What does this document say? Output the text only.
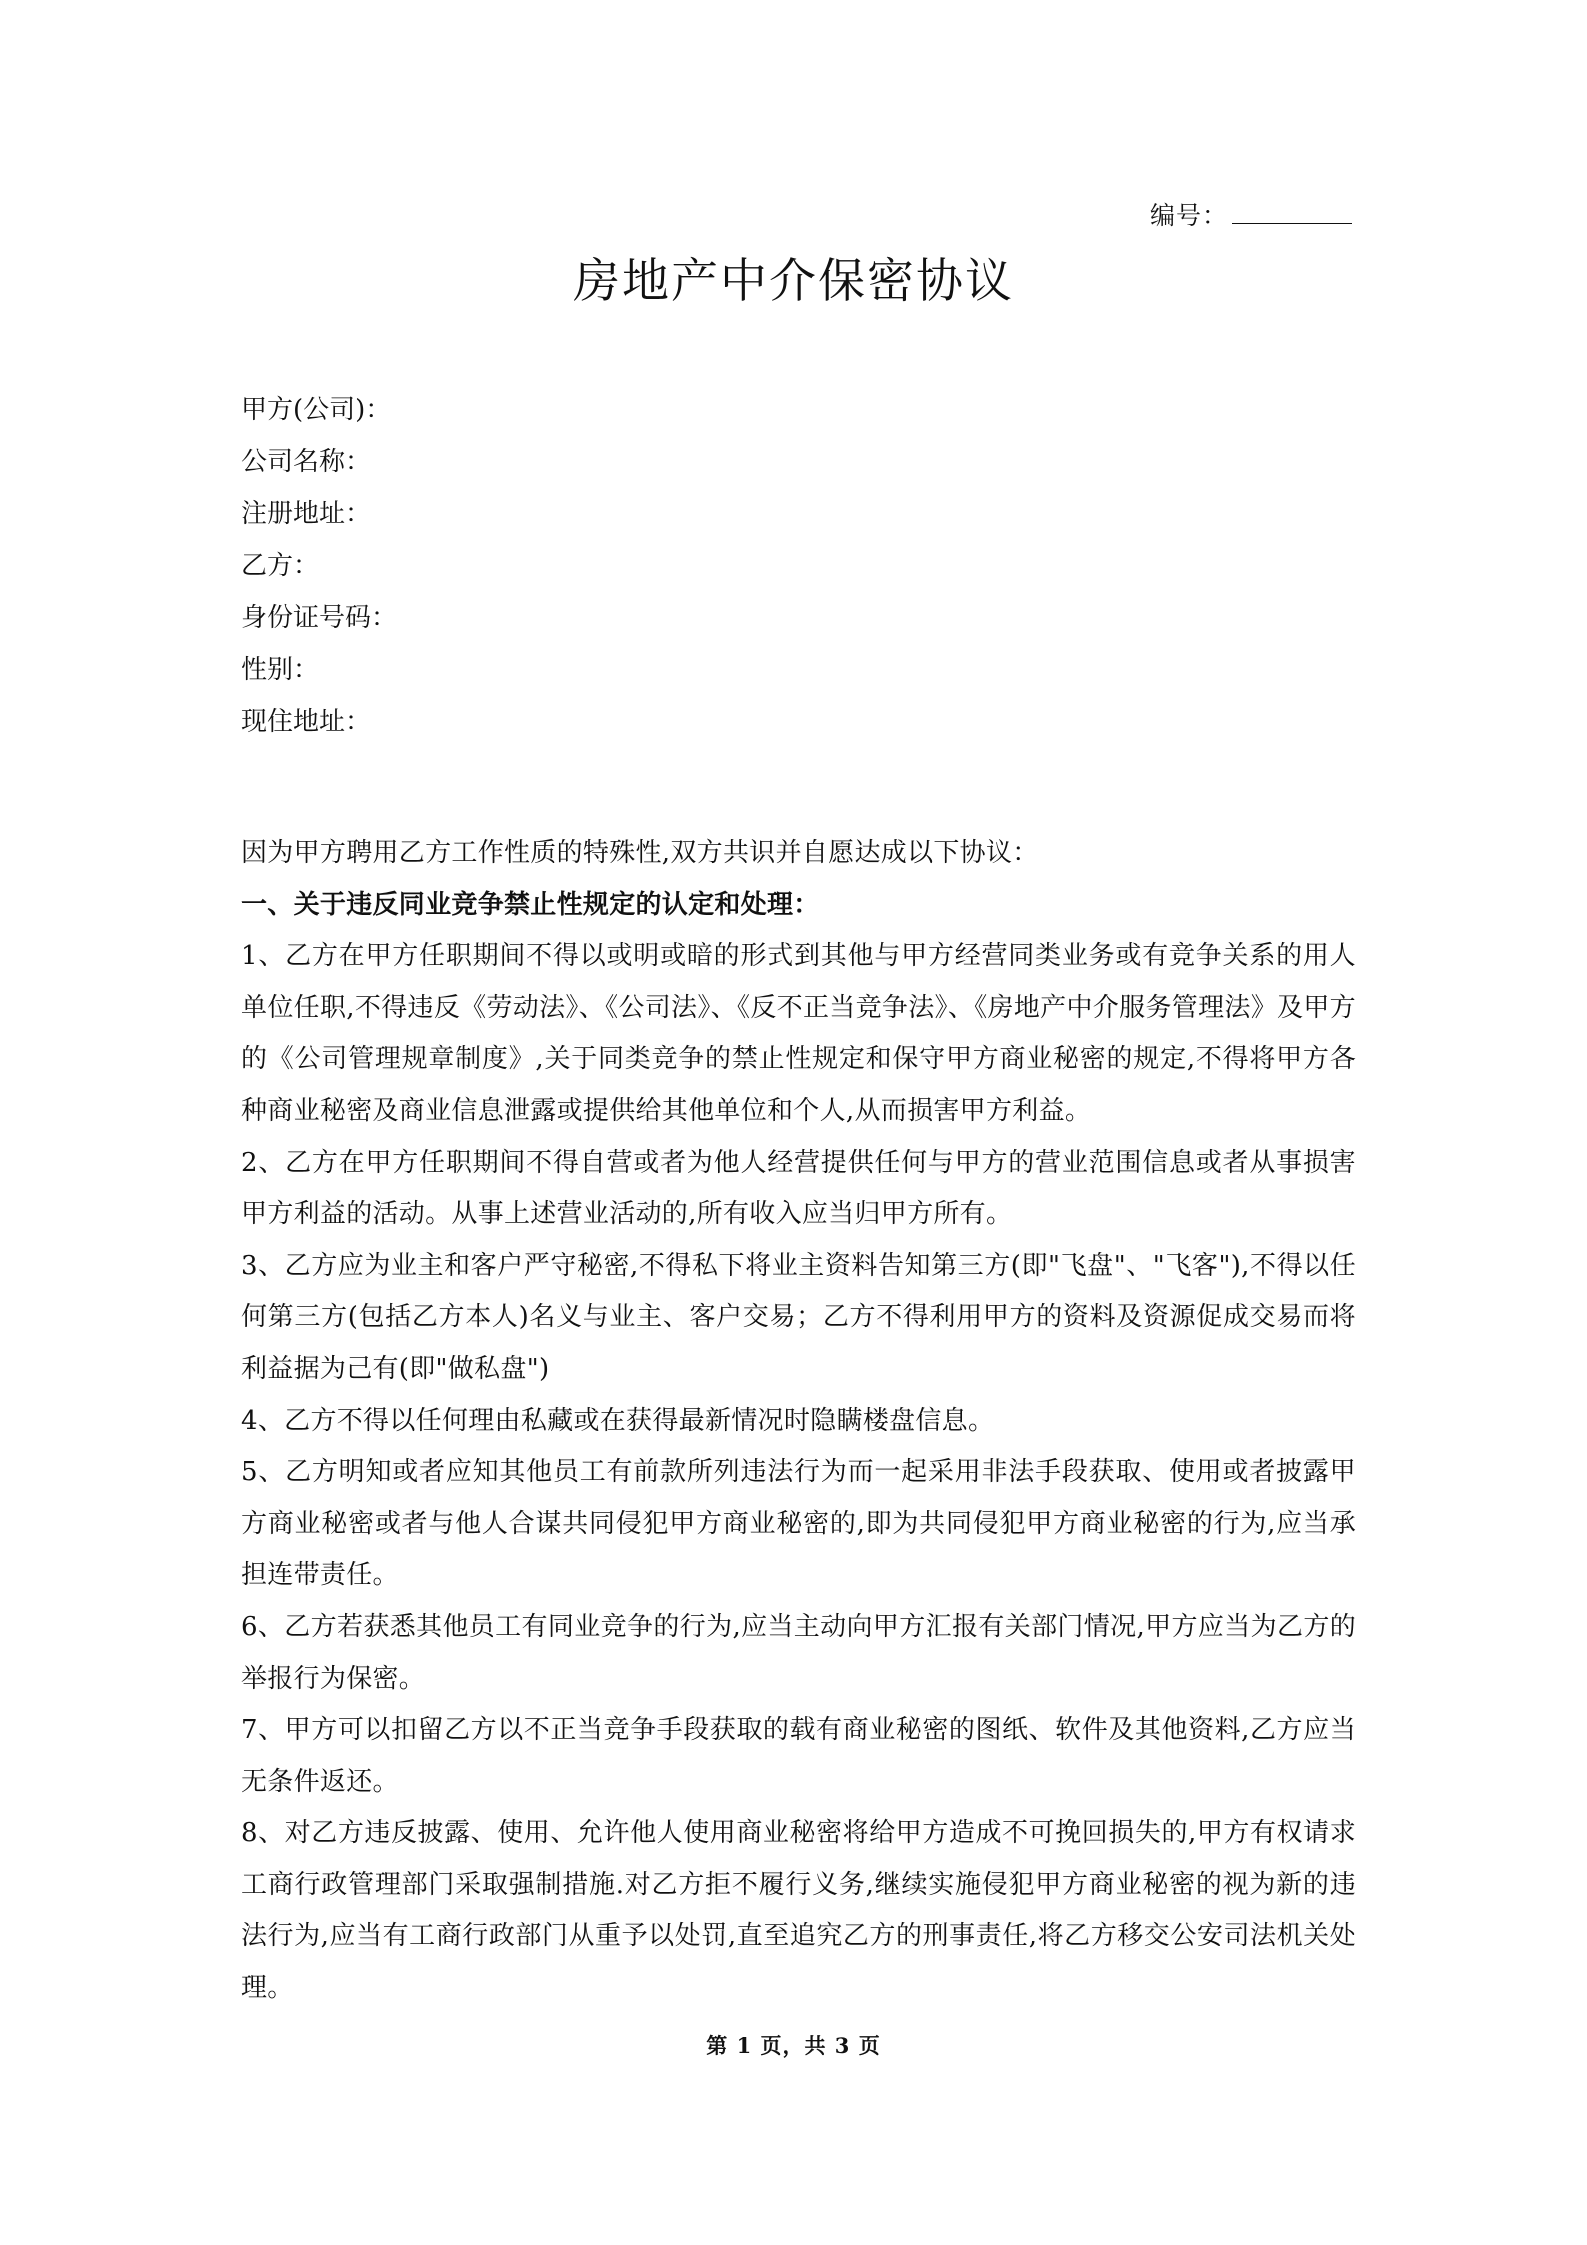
编号：
房地产中介保密协议
甲方(公司)：
公司名称：
注册地址：
乙方：
身份证号码：
性别：
现住地址：

因为甲方聘用乙方工作性质的特殊性,双方共识并自愿达成以下协议：

一、关于违反同业竞争禁止性规定的认定和处理：

1、乙方在甲方任职期间不得以或明或暗的形式到其他与甲方经营同类业务或有竞争关系的用人单位任职,不得违反《劳动法》、《公司法》、《反不正当竞争法》、《房地产中介服务管理法》及甲方的《公司管理规章制度》,关于同类竞争的禁止性规定和保守甲方商业秘密的规定,不得将甲方各种商业秘密及商业信息泄露或提供给其他单位和个人,从而损害甲方利益。

2、乙方在甲方任职期间不得自营或者为他人经营提供任何与甲方的营业范围信息或者从事损害甲方利益的活动。从事上述营业活动的,所有收入应当归甲方所有。

3、乙方应为业主和客户严守秘密,不得私下将业主资料告知第三方(即"飞盘"、"飞客"),不得以任何第三方(包括乙方本人)名义与业主、客户交易；乙方不得利用甲方的资料及资源促成交易而将利益据为己有(即"做私盘")

4、乙方不得以任何理由私藏或在获得最新情况时隐瞒楼盘信息。

5、乙方明知或者应知其他员工有前款所列违法行为而一起采用非法手段获取、使用或者披露甲方商业秘密或者与他人合谋共同侵犯甲方商业秘密的,即为共同侵犯甲方商业秘密的行为,应当承担连带责任。

6、乙方若获悉其他员工有同业竞争的行为,应当主动向甲方汇报有关部门情况,甲方应当为乙方的举报行为保密。

7、甲方可以扣留乙方以不正当竞争手段获取的载有商业秘密的图纸、软件及其他资料,乙方应当无条件返还。

8、对乙方违反披露、使用、允许他人使用商业秘密将给甲方造成不可挽回损失的,甲方有权请求工商行政管理部门采取强制措施.对乙方拒不履行义务,继续实施侵犯甲方商业秘密的视为新的违法行为,应当有工商行政部门从重予以处罚,直至追究乙方的刑事责任,将乙方移交公安司法机关处理。

第 1 页，共 3 页
